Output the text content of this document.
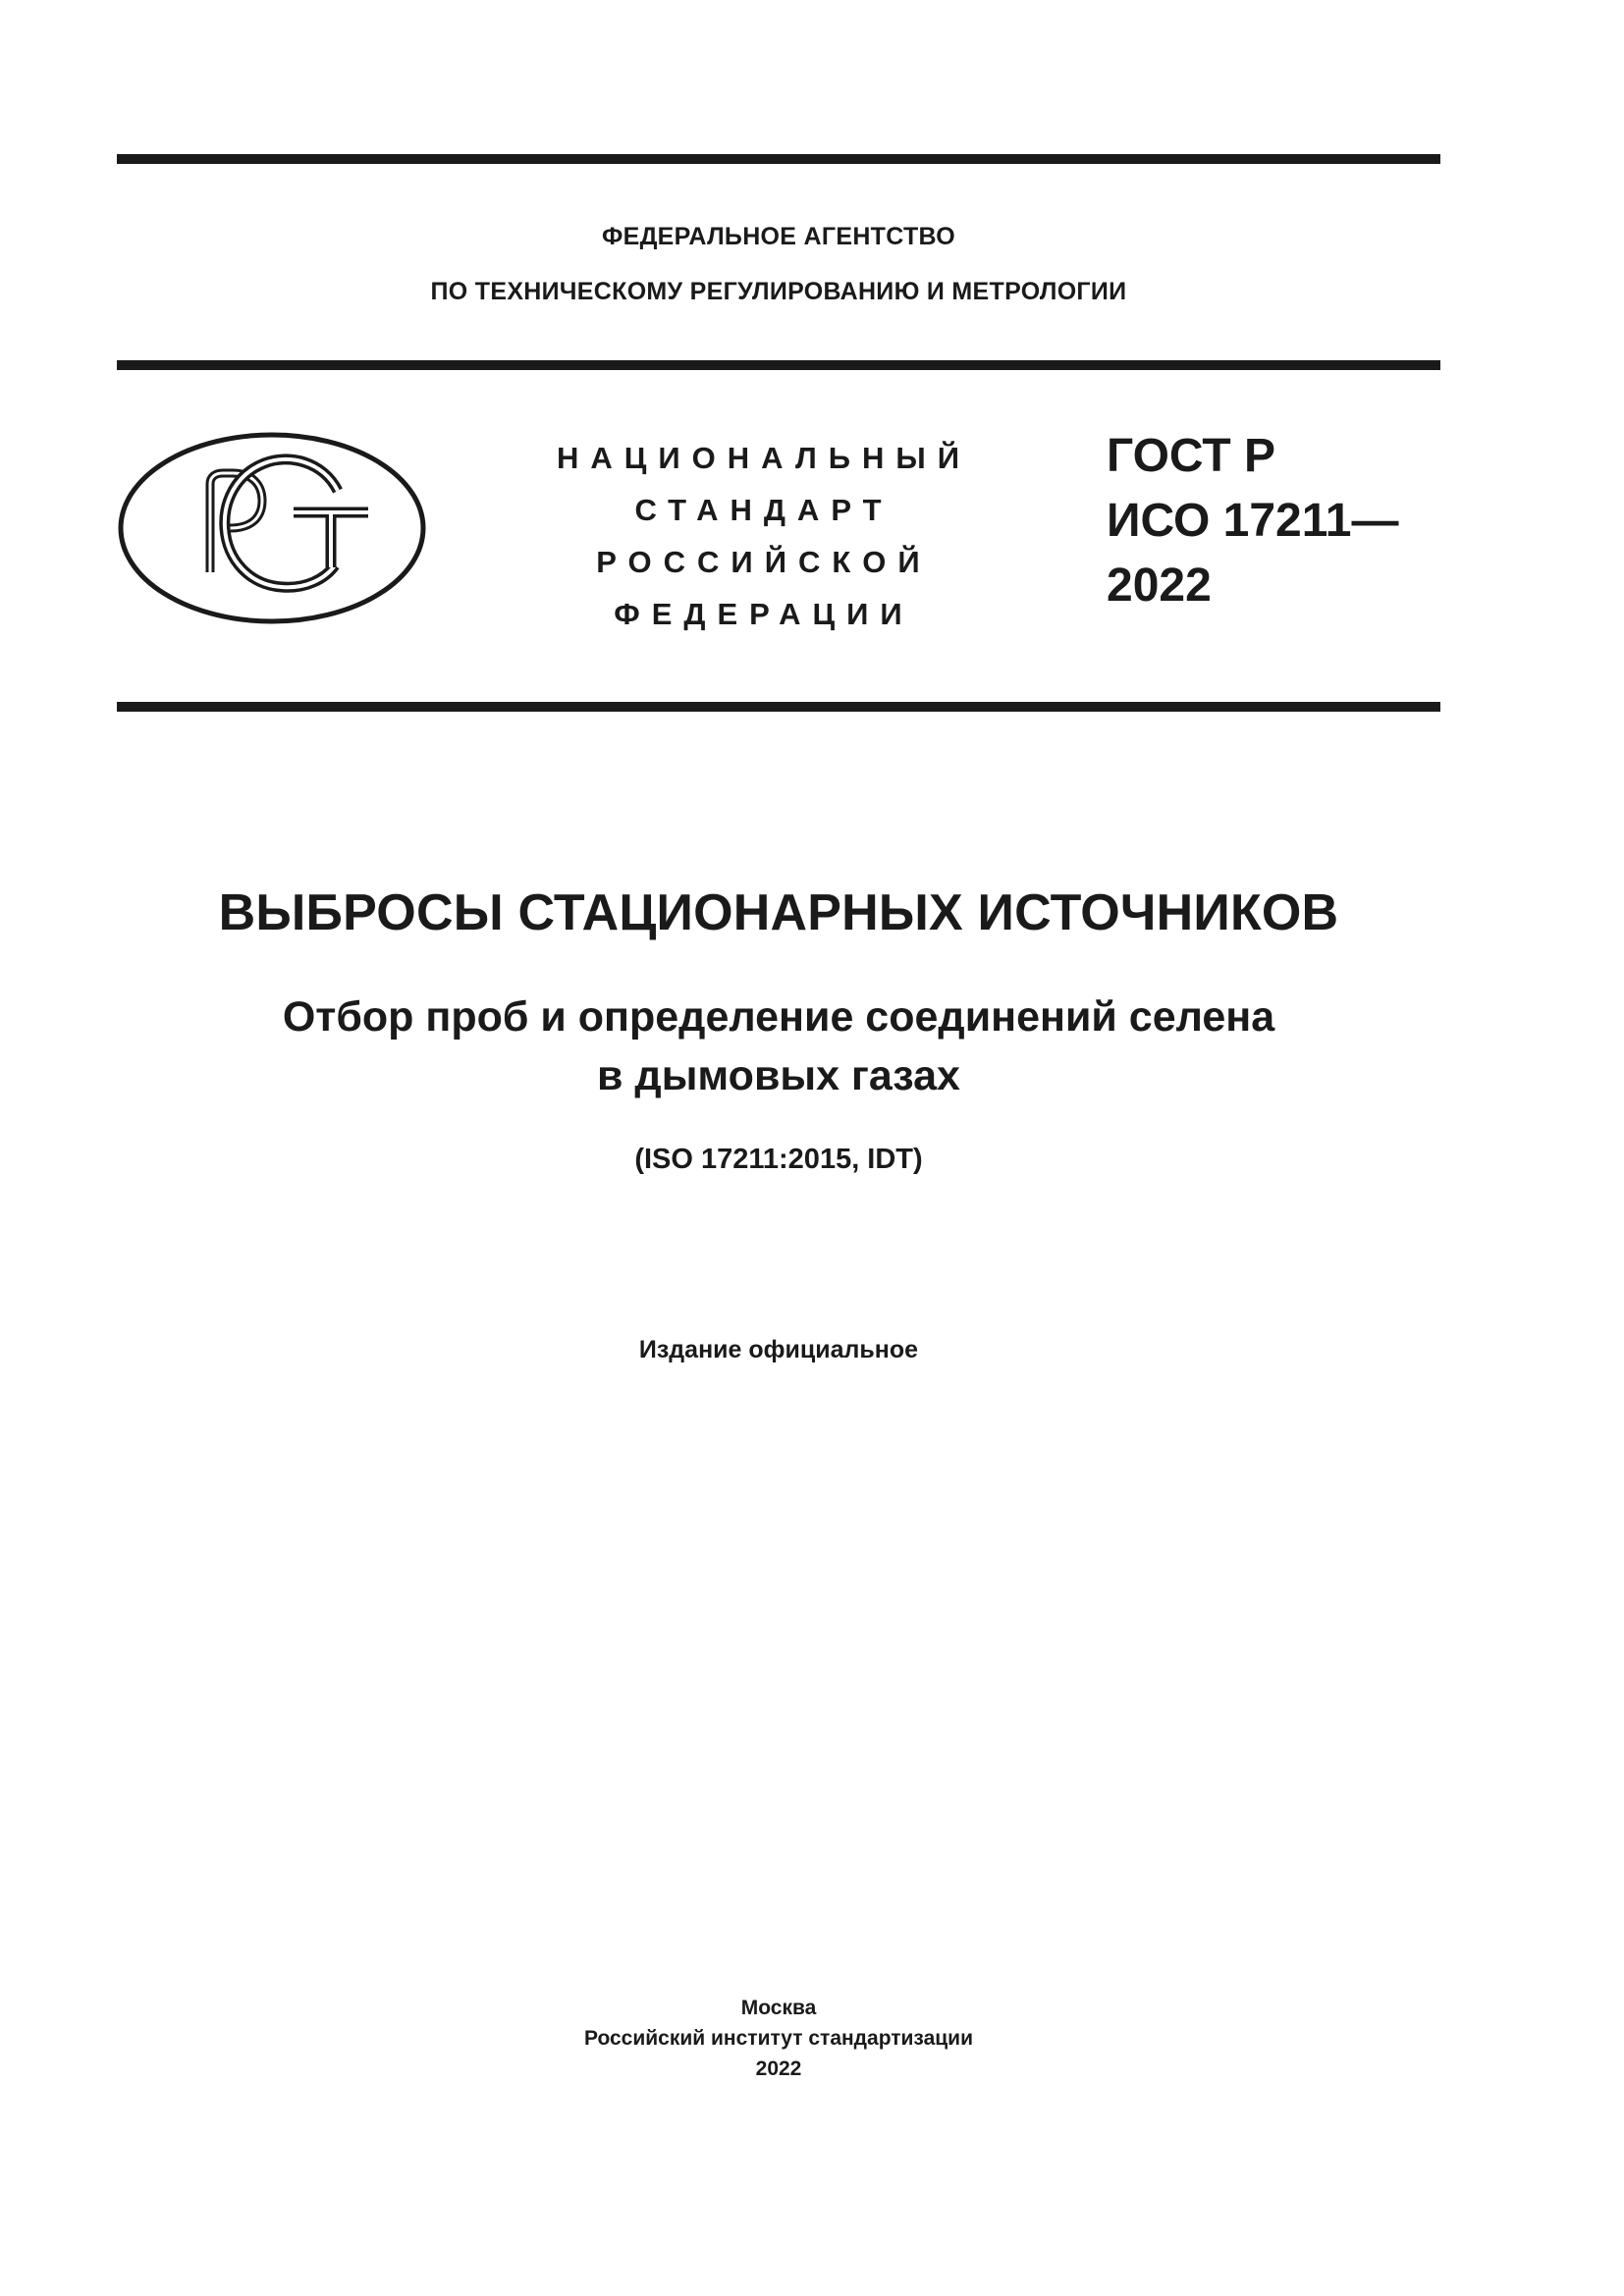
ФЕДЕРАЛЬНОЕ АГЕНТСТВО
ПО ТЕХНИЧЕСКОМУ РЕГУЛИРОВАНИЮ И МЕТРОЛОГИИ
НАЦИОНАЛЬНЫЙ
СТАНДАРТ
РОССИЙСКОЙ
ФЕДЕРАЦИИ
ГОСТ Р
ИСО 17211—
2022
ВЫБРОСЫ СТАЦИОНАРНЫХ ИСТОЧНИКОВ
Отбор проб и определение соединений селена
в дымовых газах
(ISO 17211:2015, IDT)
Издание официальное
Москва
Российский институт стандартизации
2022
